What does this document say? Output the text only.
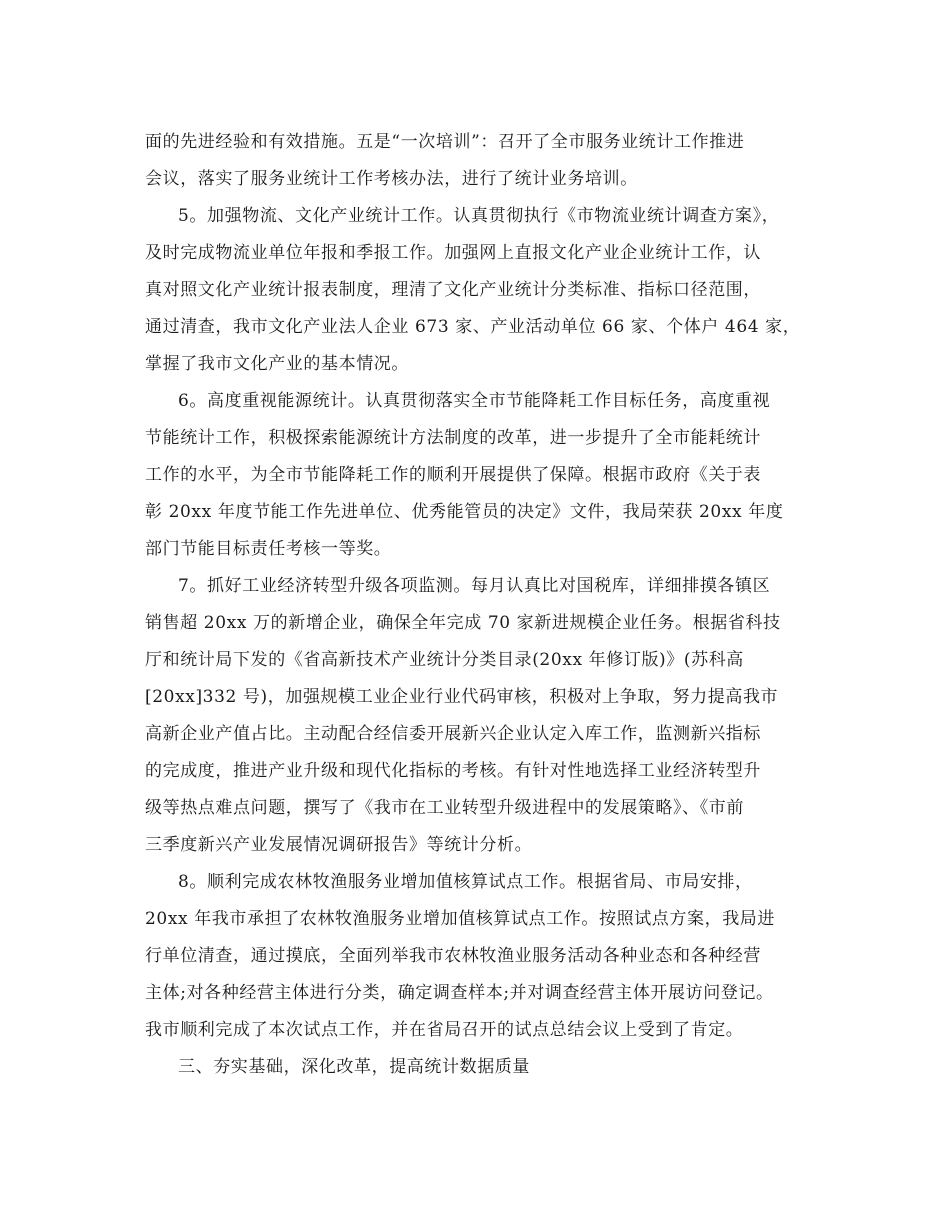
面的先进经验和有效措施。五是“一次培训”：召开了全市服务业统计工作推进
会议，落实了服务业统计工作考核办法，进行了统计业务培训。
5。加强物流、文化产业统计工作。认真贯彻执行《市物流业统计调查方案》，
及时完成物流业单位年报和季报工作。加强网上直报文化产业企业统计工作，认
真对照文化产业统计报表制度，理清了文化产业统计分类标准、指标口径范围，
通过清查，我市文化产业法人企业 673 家、产业活动单位 66 家、个体户 464 家，
掌握了我市文化产业的基本情况。
6。高度重视能源统计。认真贯彻落实全市节能降耗工作目标任务，高度重视
节能统计工作，积极探索能源统计方法制度的改革，进一步提升了全市能耗统计
工作的水平，为全市节能降耗工作的顺利开展提供了保障。根据市政府《关于表
彰 20xx 年度节能工作先进单位、优秀能管员的决定》文件，我局荣获 20xx 年度
部门节能目标责任考核一等奖。
7。抓好工业经济转型升级各项监测。每月认真比对国税库，详细排摸各镇区
销售超 20xx 万的新增企业，确保全年完成 70 家新进规模企业任务。根据省科技
厅和统计局下发的《省高新技术产业统计分类目录(20xx 年修订版)》(苏科高
[20xx]332 号)，加强规模工业企业行业代码审核，积极对上争取，努力提高我市
高新企业产值占比。主动配合经信委开展新兴企业认定入库工作，监测新兴指标
的完成度，推进产业升级和现代化指标的考核。有针对性地选择工业经济转型升
级等热点难点问题，撰写了《我市在工业转型升级进程中的发展策略》、《市前
三季度新兴产业发展情况调研报告》等统计分析。
8。顺利完成农林牧渔服务业增加值核算试点工作。根据省局、市局安排，
20xx 年我市承担了农林牧渔服务业增加值核算试点工作。按照试点方案，我局进
行单位清查，通过摸底，全面列举我市农林牧渔业服务活动各种业态和各种经营
主体;对各种经营主体进行分类，确定调查样本;并对调查经营主体开展访问登记。
我市顺利完成了本次试点工作，并在省局召开的试点总结会议上受到了肯定。
三、夯实基础，深化改革，提高统计数据质量
